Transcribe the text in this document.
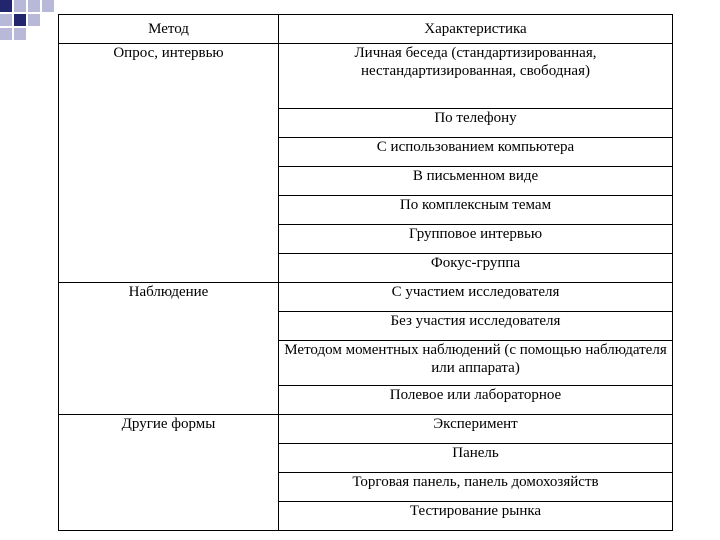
Метод	Характеристика
Опрос, интервью	Личная беседа (стандартизированная, нестандартизированная, свободная)
	По телефону
	С использованием компьютера
	В письменном виде
	По комплексным темам
	Групповое интервью
	Фокус-группа
Наблюдение	С участием исследователя
	Без участия исследователя
	Методом моментных наблюдений (с помощью наблюдателя или аппарата)
	Полевое или лабораторное
Другие формы	Эксперимент
	Панель
	Торговая панель, панель домохозяйств
	Тестирование рынка
